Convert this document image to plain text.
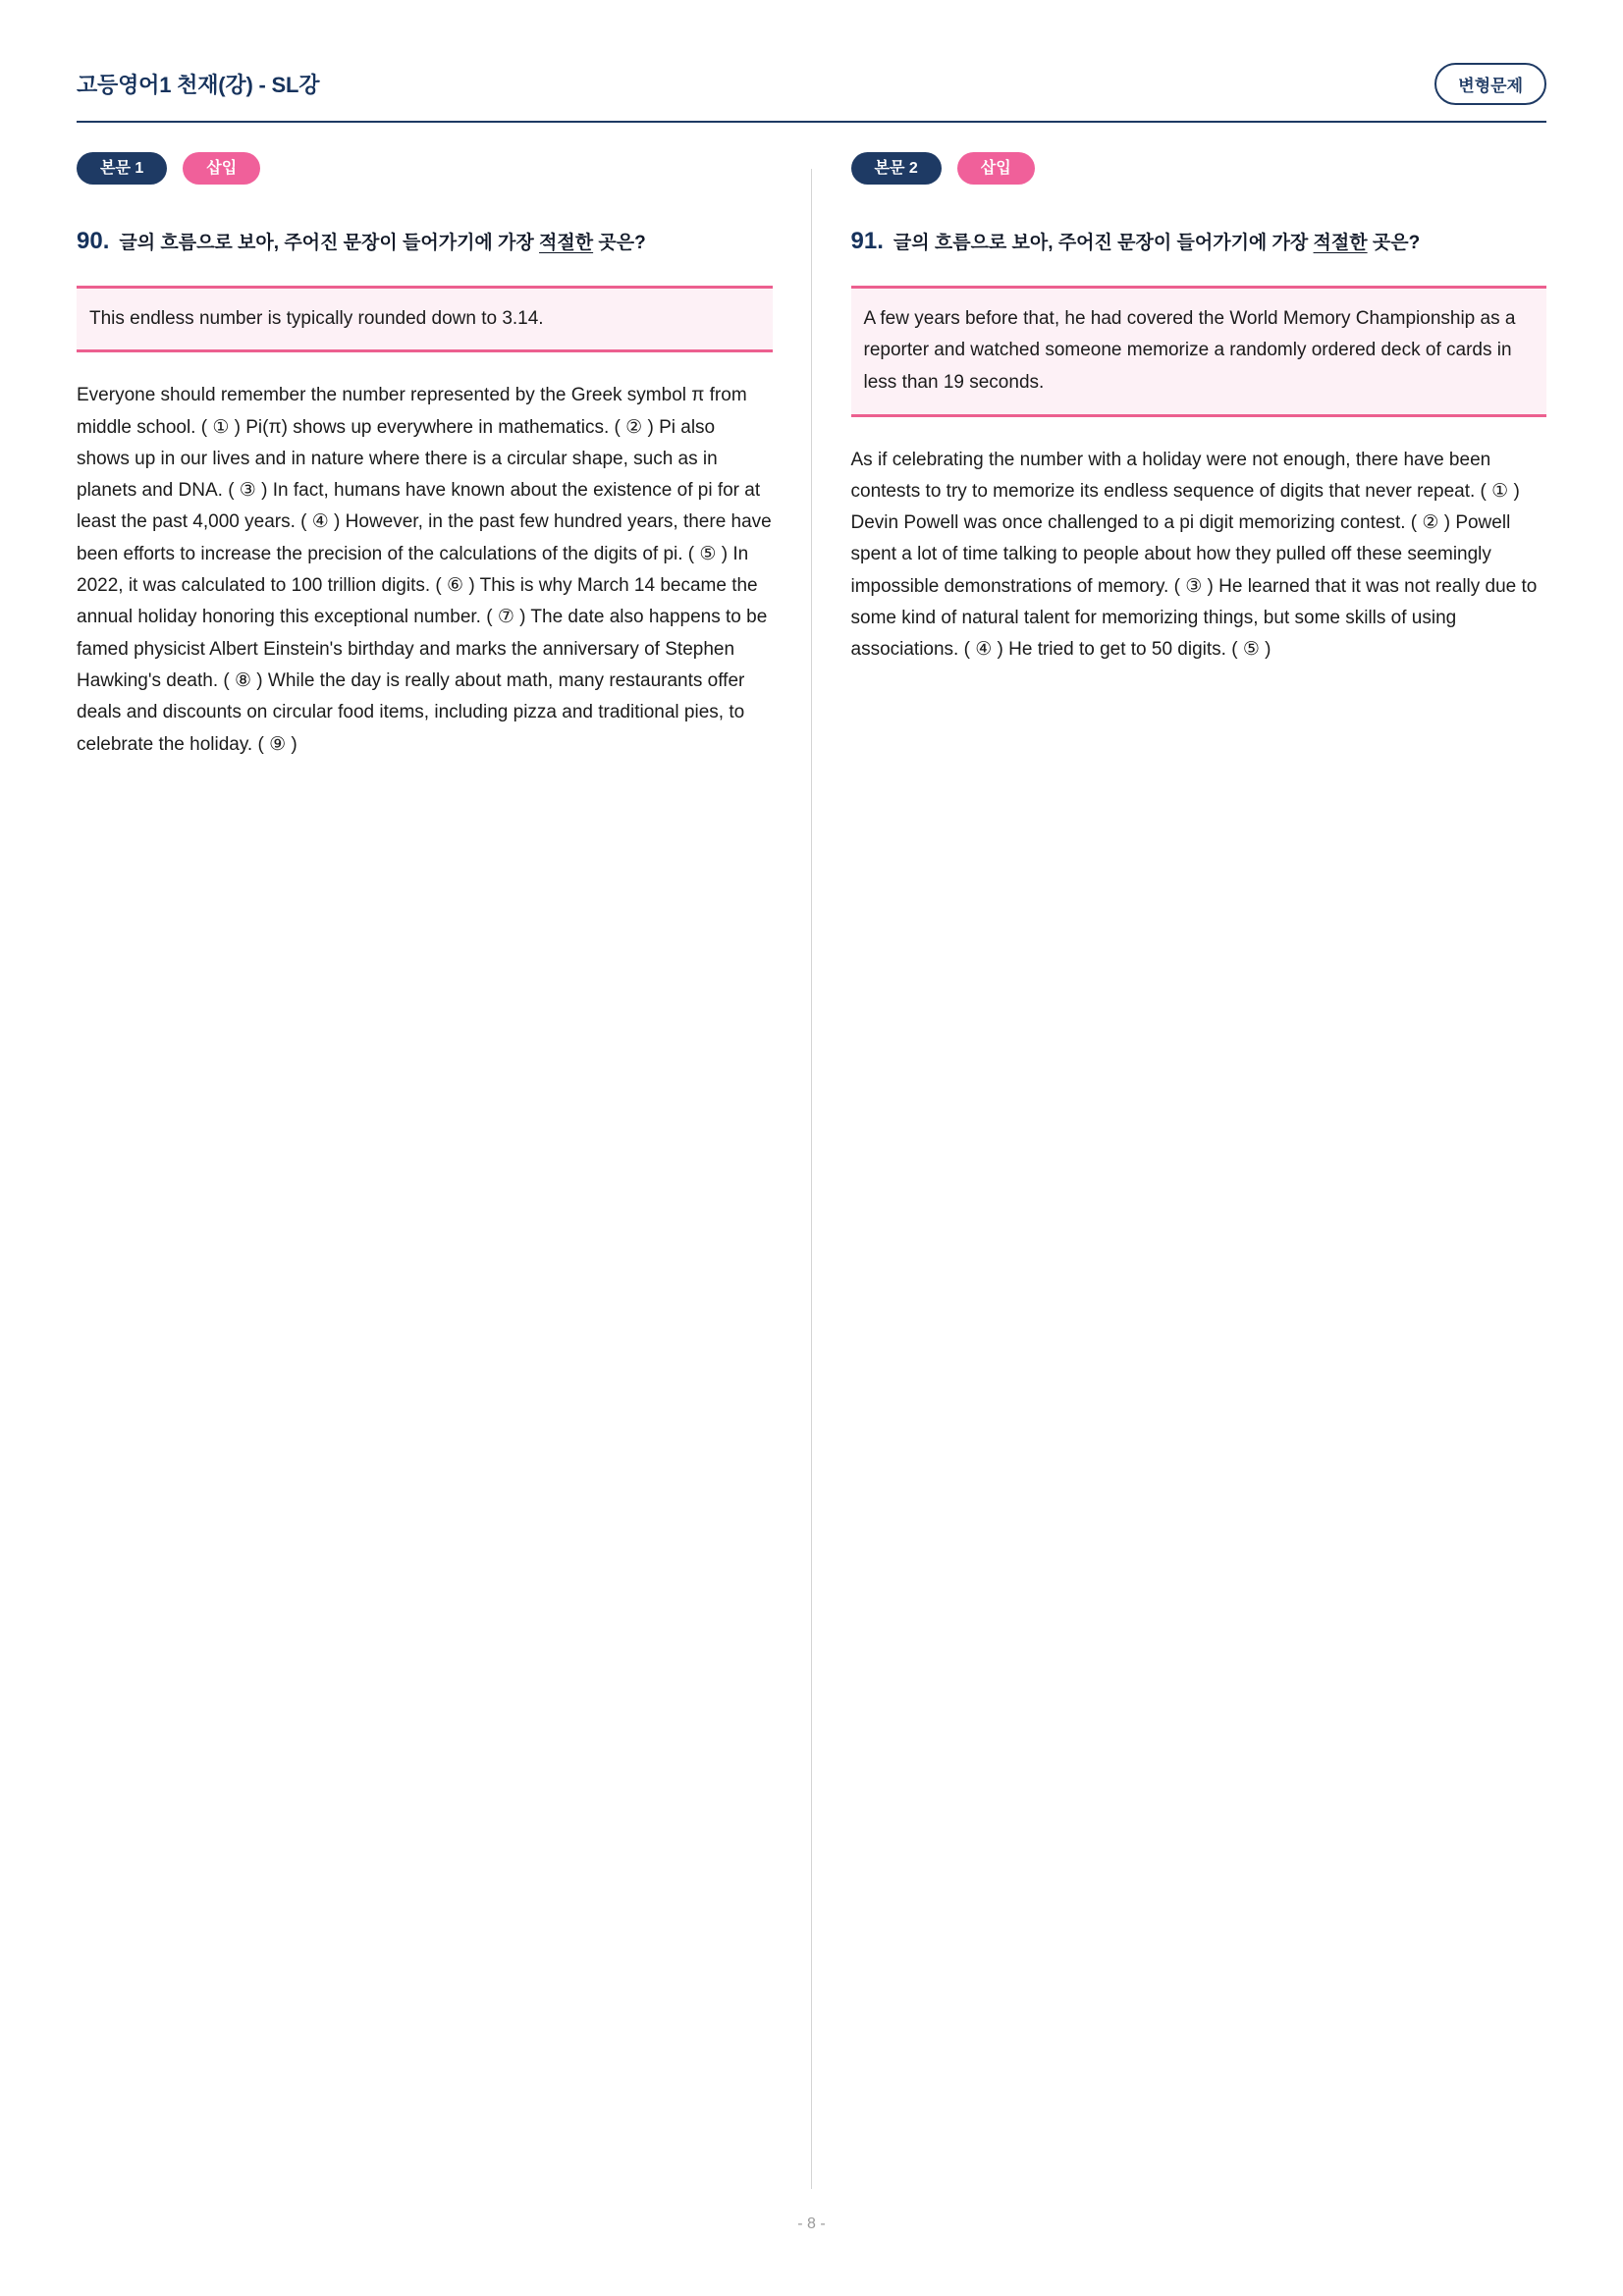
고등영어1 천재(강) - SL강	변형문제
본문 1	삽입
90. 글의 흐름으로 보아, 주어진 문장이 들어가기에 가장 적절한 곳은?

This endless number is typically rounded down to 3.14.

Everyone should remember the number represented by the Greek symbol π from middle school. ( ① ) Pi(π) shows up everywhere in mathematics. ( ② ) Pi also shows up in our lives and in nature where there is a circular shape, such as in planets and DNA. ( ③ ) In fact, humans have known about the existence of pi for at least the past 4,000 years. ( ④ ) However, in the past few hundred years, there have been efforts to increase the precision of the calculations of the digits of pi. ( ⑤ ) In 2022, it was calculated to 100 trillion digits. ( ⑥ ) This is why March 14 became the annual holiday honoring this exceptional number. ( ⑦ ) The date also happens to be famed physicist Albert Einstein's birthday and marks the anniversary of Stephen Hawking's death. ( ⑧ ) While the day is really about math, many restaurants offer deals and discounts on circular food items, including pizza and traditional pies, to celebrate the holiday. ( ⑨ )

본문 2	삽입
91. 글의 흐름으로 보아, 주어진 문장이 들어가기에 가장 적절한 곳은?

A few years before that, he had covered the World Memory Championship as a reporter and watched someone memorize a randomly ordered deck of cards in less than 19 seconds.

As if celebrating the number with a holiday were not enough, there have been contests to try to memorize its endless sequence of digits that never repeat. ( ① ) Devin Powell was once challenged to a pi digit memorizing contest. ( ② ) Powell spent a lot of time talking to people about how they pulled off these seemingly impossible demonstrations of memory. ( ③ ) He learned that it was not really due to some kind of natural talent for memorizing things, but some skills of using associations. ( ④ ) He tried to get to 50 digits. ( ⑤ )

- 8 -
